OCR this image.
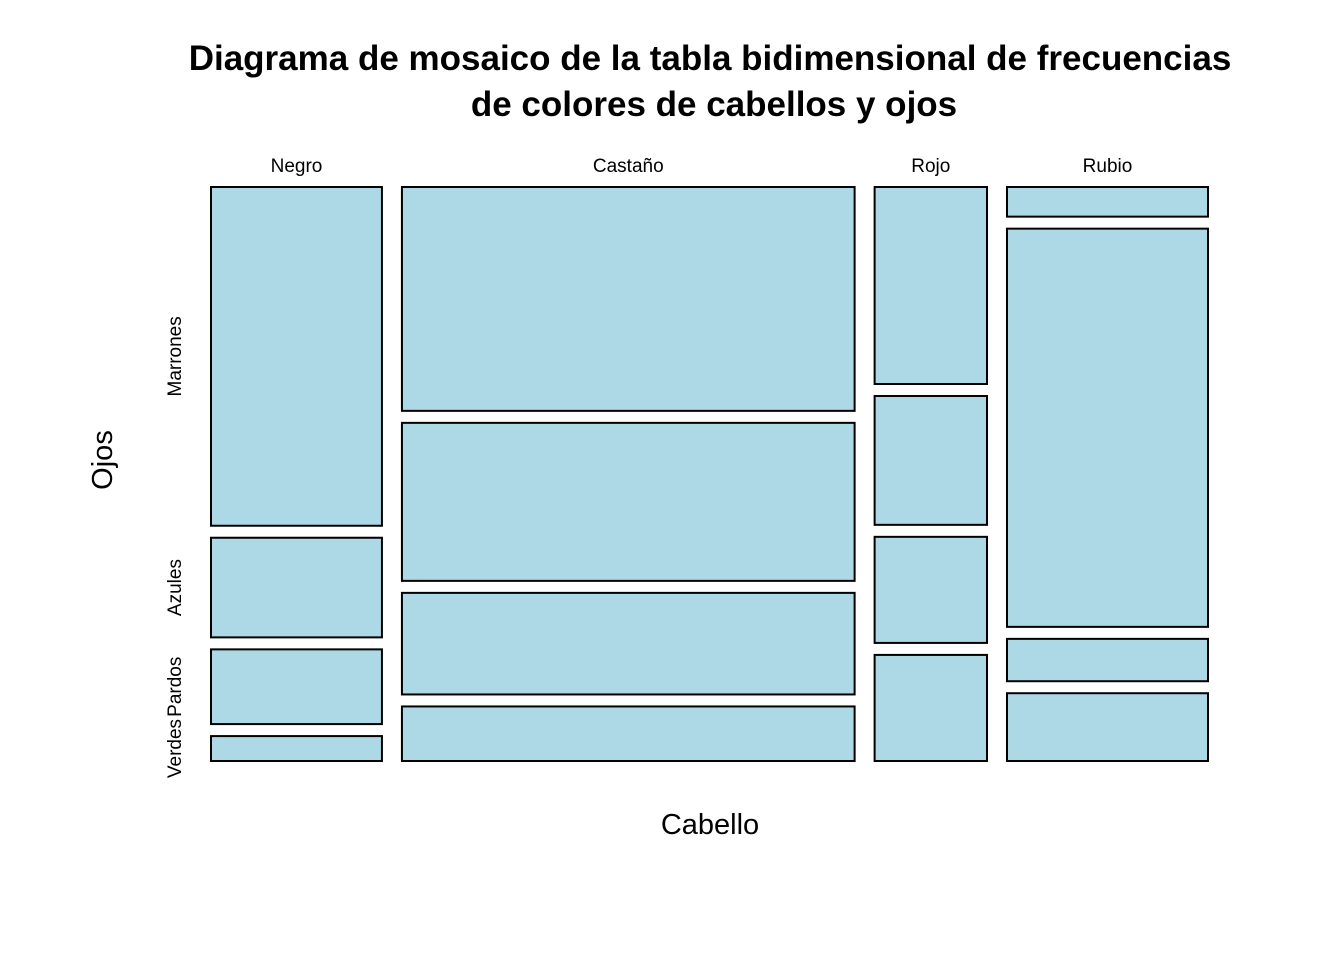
Diagrama de mosaico de la tabla bidimensional de frecuencias
de colores de cabellos y ojos
Negro	Castaño	Rojo	Rubio
Marrones
Azules
Pardos
Verdes
Cabello
Ojos
